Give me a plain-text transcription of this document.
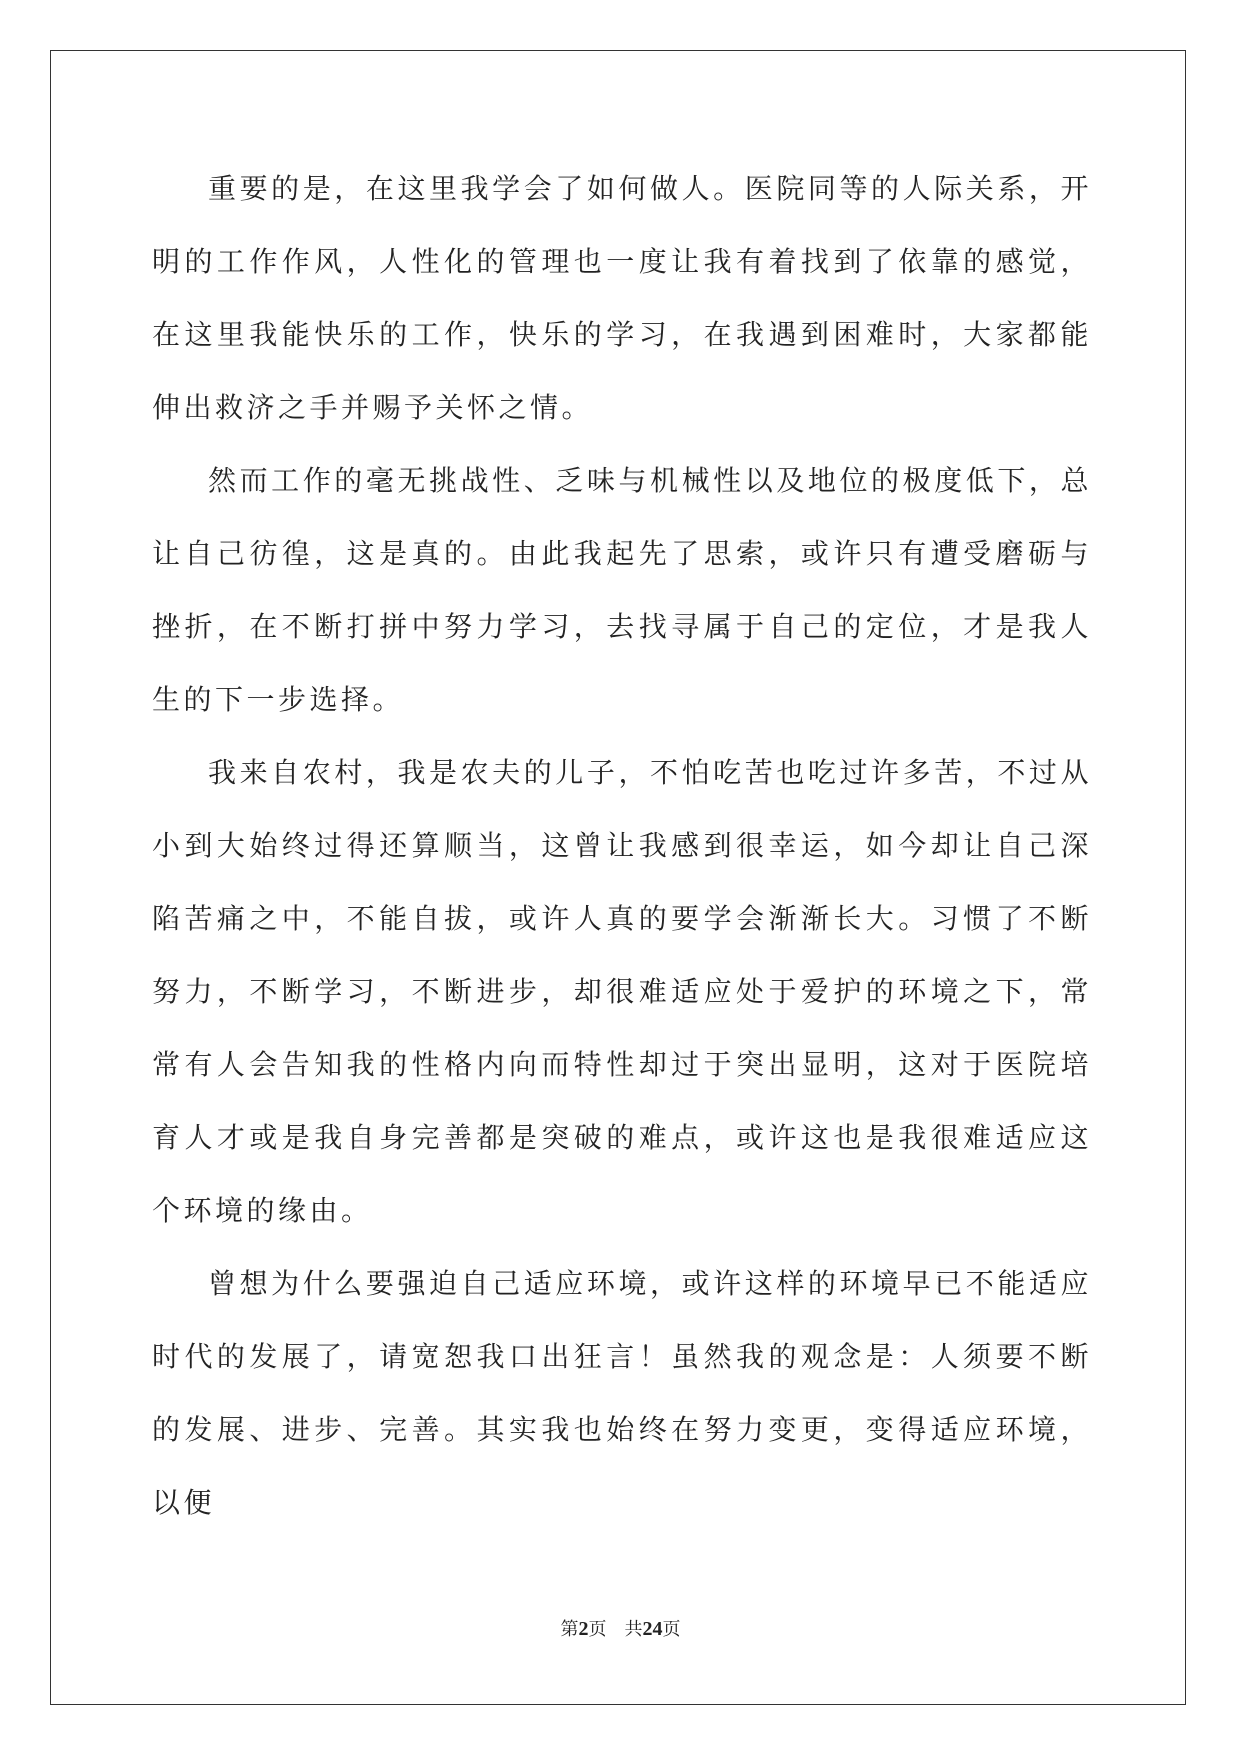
重要的是，在这里我学会了如何做人。医院同等的人际关系，开明的工作作风，人性化的管理也一度让我有着找到了依靠的感觉，在这里我能快乐的工作，快乐的学习，在我遇到困难时，大家都能伸出救济之手并赐予关怀之情。

然而工作的毫无挑战性、乏味与机械性以及地位的极度低下，总让自己彷徨，这是真的。由此我起先了思索，或许只有遭受磨砺与挫折，在不断打拼中努力学习，去找寻属于自己的定位，才是我人生的下一步选择。

我来自农村，我是农夫的儿子，不怕吃苦也吃过许多苦，不过从小到大始终过得还算顺当，这曾让我感到很幸运，如今却让自己深陷苦痛之中，不能自拔，或许人真的要学会渐渐长大。习惯了不断努力，不断学习，不断进步，却很难适应处于爱护的环境之下，常常有人会告知我的性格内向而特性却过于突出显明，这对于医院培育人才或是我自身完善都是突破的难点，或许这也是我很难适应这个环境的缘由。

曾想为什么要强迫自己适应环境，或许这样的环境早已不能适应时代的发展了，请宽恕我口出狂言！虽然我的观念是：人须要不断的发展、进步、完善。其实我也始终在努力变更，变得适应环境，以便

第2页 共24页
